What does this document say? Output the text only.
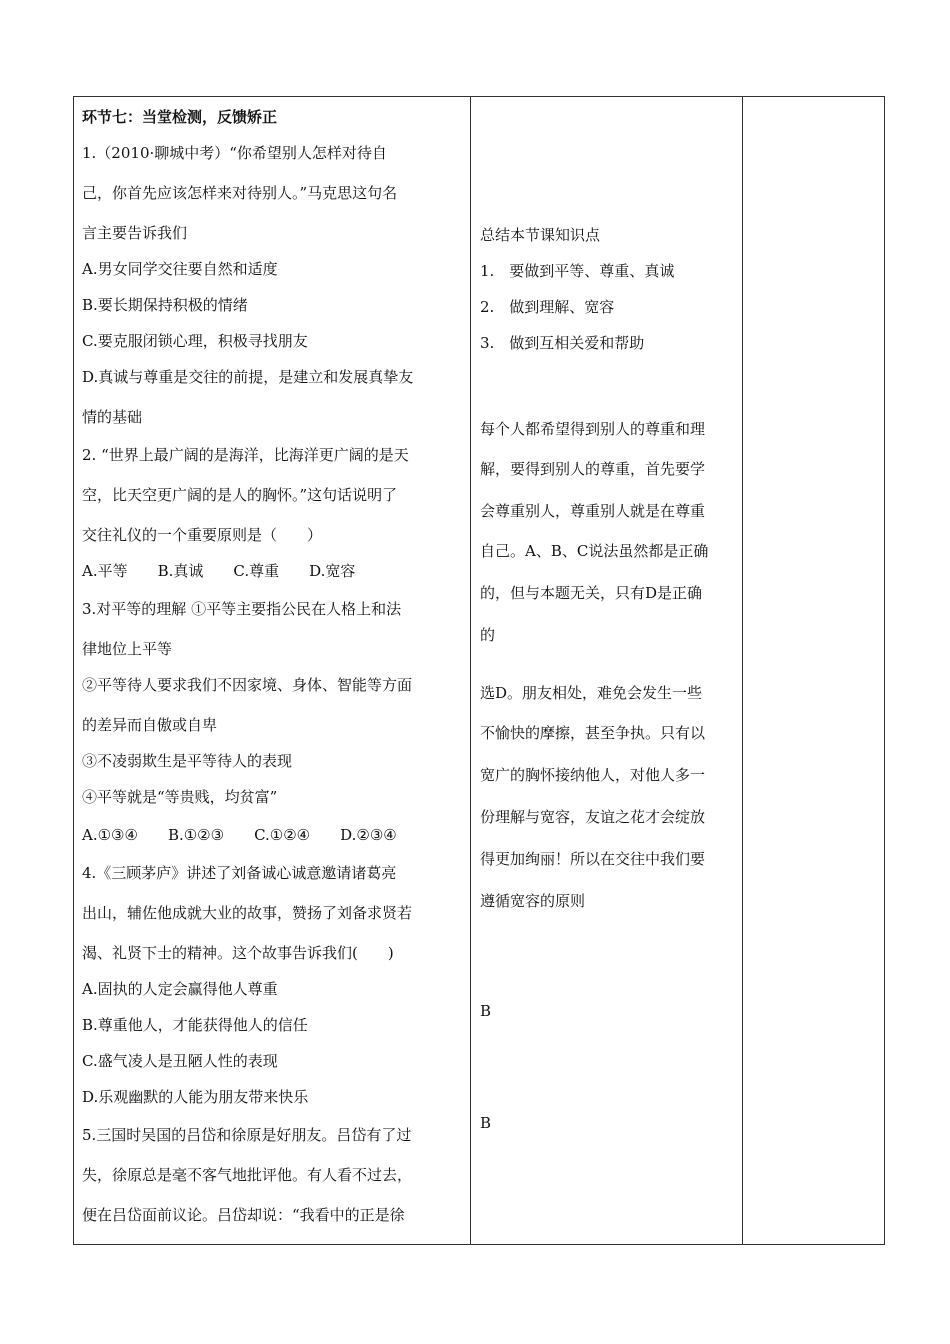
环节七：当堂检测，反馈矫正
1.（2010·聊城中考）“你希望别人怎样对待自
己，你首先应该怎样来对待别人。”马克思这句名
言主要告诉我们
A.男女同学交往要自然和适度
B.要长期保持积极的情绪
C.要克服闭锁心理，积极寻找朋友
D.真诚与尊重是交往的前提，是建立和发展真挚友
情的基础
2. “世界上最广阔的是海洋，比海洋更广阔的是天
空，比天空更广阔的是人的胸怀。”这句话说明了
交往礼仪的一个重要原则是（　　）
A.平等　　B.真诚　　C.尊重　　D.宽容
3.对平等的理解 ①平等主要指公民在人格上和法
律地位上平等
②平等待人要求我们不因家境、身体、智能等方面
的差异而自傲或自卑
③不凌弱欺生是平等待人的表现
④平等就是“等贵贱，均贫富”
A.①③④　　B.①②③　　C.①②④　　D.②③④
4.《三顾茅庐》讲述了刘备诚心诚意邀请诸葛亮
出山，辅佐他成就大业的故事，赞扬了刘备求贤若
渴、礼贤下士的精神。这个故事告诉我们(　　)
A.固执的人定会赢得他人尊重
B.尊重他人，才能获得他人的信任
C.盛气凌人是丑陋人性的表现
D.乐观幽默的人能为朋友带来快乐
5.三国时吴国的吕岱和徐原是好朋友。吕岱有了过
失，徐原总是毫不客气地批评他。有人看不过去，
便在吕岱面前议论。吕岱却说：“我看中的正是徐
总结本节课知识点
1.　要做到平等、尊重、真诚
2.　做到理解、宽容
3.　做到互相关爱和帮助
每个人都希望得到别人的尊重和理
解，要得到别人的尊重，首先要学
会尊重别人，尊重别人就是在尊重
自己。A、B、C说法虽然都是正确
的，但与本题无关，只有D是正确
的
选D。朋友相处，难免会发生一些
不愉快的摩擦，甚至争执。只有以
宽广的胸怀接纳他人，对他人多一
份理解与宽容，友谊之花才会绽放
得更加绚丽！所以在交往中我们要
遵循宽容的原则
B
B
